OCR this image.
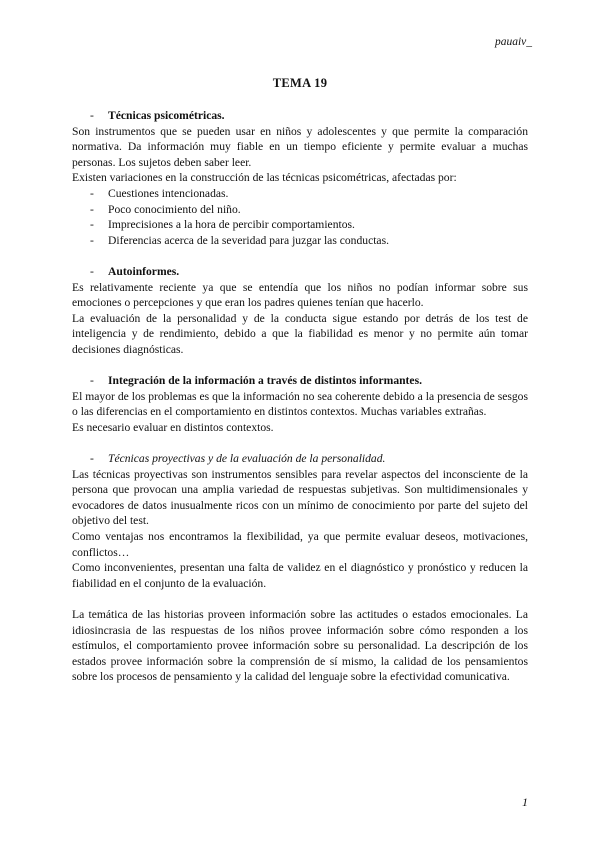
pauaiv_
TEMA 19
-	Técnicas psicométricas.

Son instrumentos que se pueden usar en niños y adolescentes y que permite la comparación normativa. Da información muy fiable en un tiempo eficiente y permite evaluar a muchas personas. Los sujetos deben saber leer.

Existen variaciones en la construcción de las técnicas psicométricas, afectadas por:

-	Cuestiones intencionadas.
-	Poco conocimiento del niño.
-	Imprecisiones a la hora de percibir comportamientos.
-	Diferencias acerca de la severidad para juzgar las conductas.
-	Autoinformes.

Es relativamente reciente ya que se entendía que los niños no podían informar sobre sus emociones o percepciones y que eran los padres quienes tenían que hacerlo.

La evaluación de la personalidad y de la conducta sigue estando por detrás de los test de inteligencia y de rendimiento, debido a que la fiabilidad es menor y no permite aún tomar decisiones diagnósticas.

-	Integración de la información a través de distintos informantes.

El mayor de los problemas es que la información no sea coherente debido a la presencia de sesgos o las diferencias en el comportamiento en distintos contextos. Muchas variables extrañas.

Es necesario evaluar en distintos contextos.

-	Técnicas proyectivas y de la evaluación de la personalidad.

Las técnicas proyectivas son instrumentos sensibles para revelar aspectos del inconsciente de la persona que provocan una amplia variedad de respuestas subjetivas. Son multidimensionales y evocadores de datos inusualmente ricos con un mínimo de conocimiento por parte del sujeto del objetivo del test.

Como ventajas nos encontramos la flexibilidad, ya que permite evaluar deseos, motivaciones, conflictos…

Como inconvenientes, presentan una falta de validez en el diagnóstico y pronóstico y reducen la fiabilidad en el conjunto de la evaluación.

La temática de las historias proveen información sobre las actitudes o estados emocionales. La idiosincrasia de las respuestas de los niños provee información sobre cómo responden a los estímulos, el comportamiento provee información sobre su personalidad. La descripción de los estados provee información sobre la comprensión de sí mismo, la calidad de los pensamientos sobre los procesos de pensamiento y la calidad del lenguaje sobre la efectividad comunicativa.

1
